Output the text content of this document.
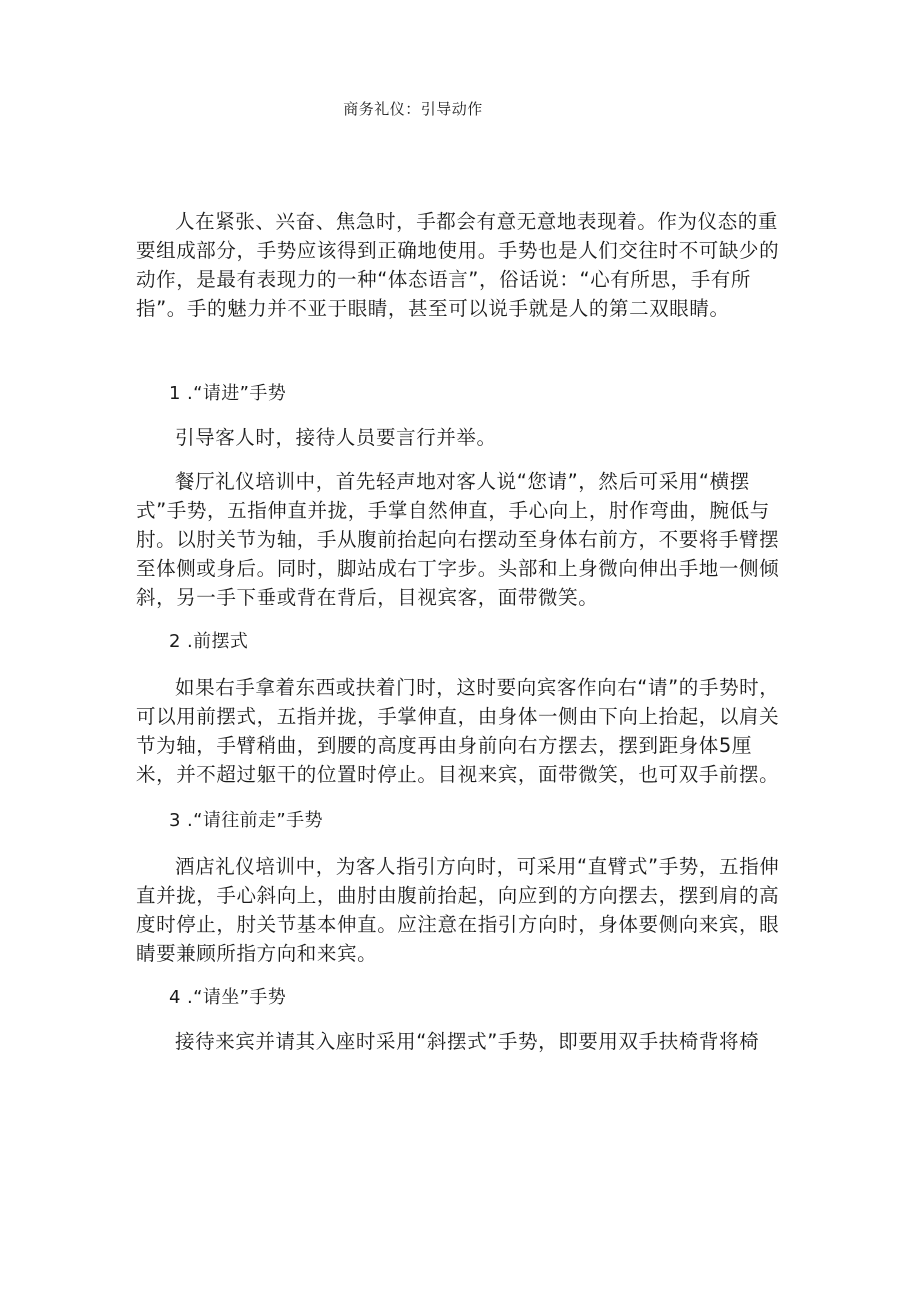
商务礼仪：引导动作

人在紧张、兴奋、焦急时，手都会有意无意地表现着。作为仪态的重要组成部分，手势应该得到正确地使用。手势也是人们交往时不可缺少的动作，是最有表现力的一种“体态语言”，俗话说：“心有所思，手有所指”。手的魅力并不亚于眼睛，甚至可以说手就是人的第二双眼睛。

1 .“请进”手势

引导客人时，接待人员要言行并举。

餐厅礼仪培训中，首先轻声地对客人说“您请”，然后可采用“横摆式”手势，五指伸直并拢，手掌自然伸直，手心向上，肘作弯曲，腕低与肘。以肘关节为轴，手从腹前抬起向右摆动至身体右前方，不要将手臂摆至体侧或身后。同时，脚站成右丁字步。头部和上身微向伸出手地一侧倾斜，另一手下垂或背在背后，目视宾客，面带微笑。

2 .前摆式

如果右手拿着东西或扶着门时，这时要向宾客作向右“请”的手势时，可以用前摆式，五指并拢，手掌伸直，由身体一侧由下向上抬起，以肩关节为轴，手臂稍曲，到腰的高度再由身前向右方摆去，摆到距身体5厘米，并不超过躯干的位置时停止。目视来宾，面带微笑，也可双手前摆。

3 .“请往前走”手势

酒店礼仪培训中，为客人指引方向时，可采用“直臂式”手势，五指伸直并拢，手心斜向上，曲肘由腹前抬起，向应到的方向摆去，摆到肩的高度时停止，肘关节基本伸直。应注意在指引方向时，身体要侧向来宾，眼睛要兼顾所指方向和来宾。

4 .“请坐”手势

接待来宾并请其入座时采用“斜摆式”手势，即要用双手扶椅背将椅
